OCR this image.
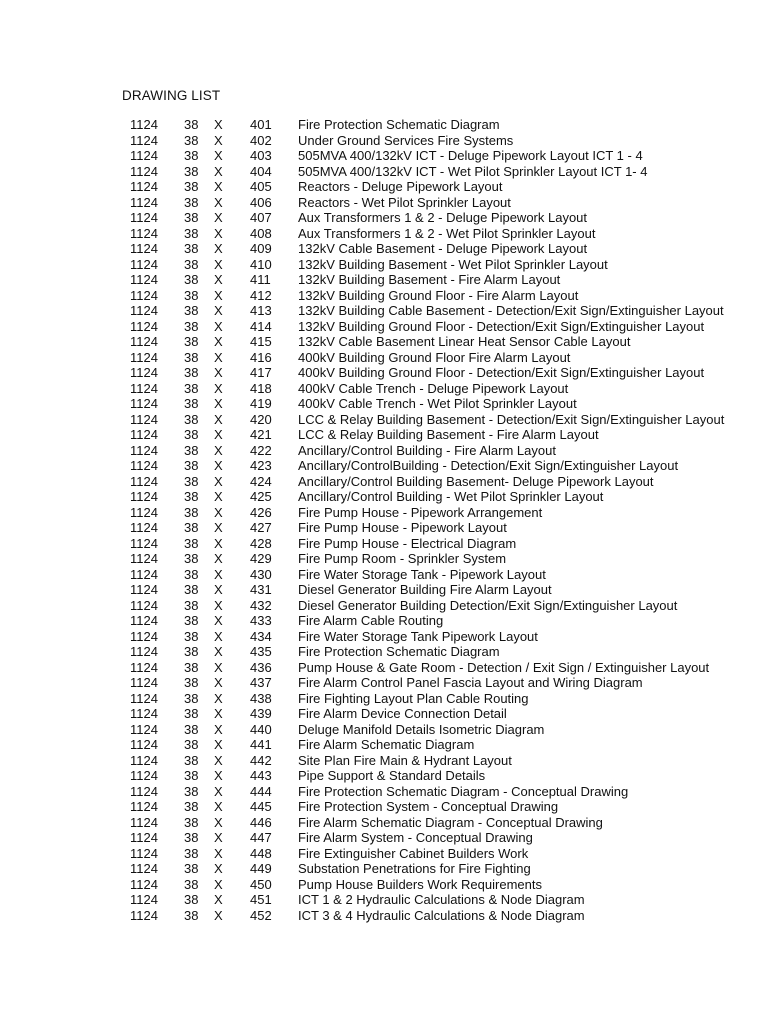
DRAWING LIST
1124 38 X 401 Fire Protection Schematic Diagram
1124 38 X 402 Under Ground Services Fire Systems
1124 38 X 403 505MVA 400/132kV ICT - Deluge Pipework Layout ICT 1 - 4
1124 38 X 404 505MVA 400/132kV ICT - Wet Pilot Sprinkler Layout ICT 1- 4
1124 38 X 405 Reactors - Deluge Pipework Layout
1124 38 X 406 Reactors - Wet Pilot Sprinkler Layout
1124 38 X 407 Aux Transformers 1 & 2 - Deluge Pipework Layout
1124 38 X 408 Aux Transformers 1 & 2 - Wet Pilot Sprinkler Layout
1124 38 X 409 132kV Cable Basement - Deluge Pipework Layout
1124 38 X 410 132kV Building Basement - Wet Pilot Sprinkler Layout
1124 38 X 411 132kV Building Basement - Fire Alarm Layout
1124 38 X 412 132kV Building Ground Floor - Fire Alarm Layout
1124 38 X 413 132kV Building Cable Basement - Detection/Exit Sign/Extinguisher Layout
1124 38 X 414 132kV Building Ground Floor - Detection/Exit Sign/Extinguisher Layout
1124 38 X 415 132kV Cable Basement Linear Heat Sensor Cable Layout
1124 38 X 416 400kV Building Ground Floor Fire Alarm Layout
1124 38 X 417 400kV Building Ground Floor - Detection/Exit Sign/Extinguisher Layout
1124 38 X 418 400kV Cable Trench - Deluge Pipework Layout
1124 38 X 419 400kV Cable Trench - Wet Pilot Sprinkler Layout
1124 38 X 420 LCC & Relay Building Basement - Detection/Exit Sign/Extinguisher Layout
1124 38 X 421 LCC & Relay Building Basement - Fire Alarm Layout
1124 38 X 422 Ancillary/Control Building - Fire Alarm Layout
1124 38 X 423 Ancillary/ControlBuilding - Detection/Exit Sign/Extinguisher Layout
1124 38 X 424 Ancillary/Control Building Basement- Deluge Pipework Layout
1124 38 X 425 Ancillary/Control Building - Wet Pilot Sprinkler Layout
1124 38 X 426 Fire Pump House - Pipework Arrangement
1124 38 X 427 Fire Pump House - Pipework Layout
1124 38 X 428 Fire Pump House - Electrical Diagram
1124 38 X 429 Fire Pump Room - Sprinkler System
1124 38 X 430 Fire Water Storage Tank - Pipework Layout
1124 38 X 431 Diesel Generator Building Fire Alarm Layout
1124 38 X 432 Diesel Generator Building Detection/Exit Sign/Extinguisher Layout
1124 38 X 433 Fire Alarm Cable Routing
1124 38 X 434 Fire Water Storage Tank Pipework Layout
1124 38 X 435 Fire Protection Schematic Diagram
1124 38 X 436 Pump House & Gate Room - Detection / Exit Sign / Extinguisher Layout
1124 38 X 437 Fire Alarm Control Panel Fascia Layout and Wiring Diagram
1124 38 X 438 Fire Fighting Layout Plan Cable Routing
1124 38 X 439 Fire Alarm Device Connection Detail
1124 38 X 440 Deluge Manifold Details Isometric Diagram
1124 38 X 441 Fire Alarm Schematic Diagram
1124 38 X 442 Site Plan Fire Main & Hydrant Layout
1124 38 X 443 Pipe Support & Standard Details
1124 38 X 444 Fire Protection Schematic Diagram - Conceptual Drawing
1124 38 X 445 Fire Protection System - Conceptual Drawing
1124 38 X 446 Fire Alarm Schematic Diagram - Conceptual Drawing
1124 38 X 447 Fire Alarm System - Conceptual Drawing
1124 38 X 448 Fire Extinguisher Cabinet Builders Work
1124 38 X 449 Substation Penetrations for Fire Fighting
1124 38 X 450 Pump House Builders Work Requirements
1124 38 X 451 ICT 1 & 2 Hydraulic Calculations & Node Diagram
1124 38 X 452 ICT 3 & 4 Hydraulic Calculations & Node Diagram
